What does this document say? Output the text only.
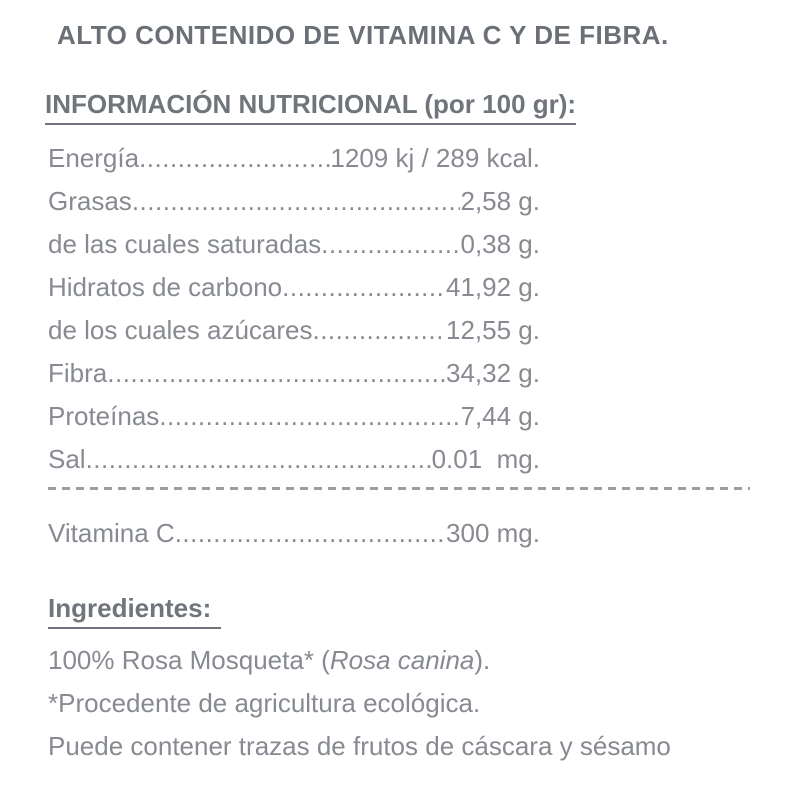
ALTO CONTENIDO DE VITAMINA C Y DE FIBRA.
INFORMACIÓN NUTRICIONAL (por 100 gr):
Energía .....	1209 kj / 289 kcal.
Grasas .....	2,58 g.
de las cuales saturadas .....	0,38 g.
Hidratos de carbono .....	41,92 g.
de los cuales azúcares .....	12,55 g.
Fibra .....	34,32 g.
Proteínas .....	7,44 g.
Sal .....	0.01  mg.
Vitamina C .....	300 mg.
Ingredientes:
100% Rosa Mosqueta* (Rosa canina).
*Procedente de agricultura ecológica.
Puede contener trazas de frutos de cáscara y sésamo
